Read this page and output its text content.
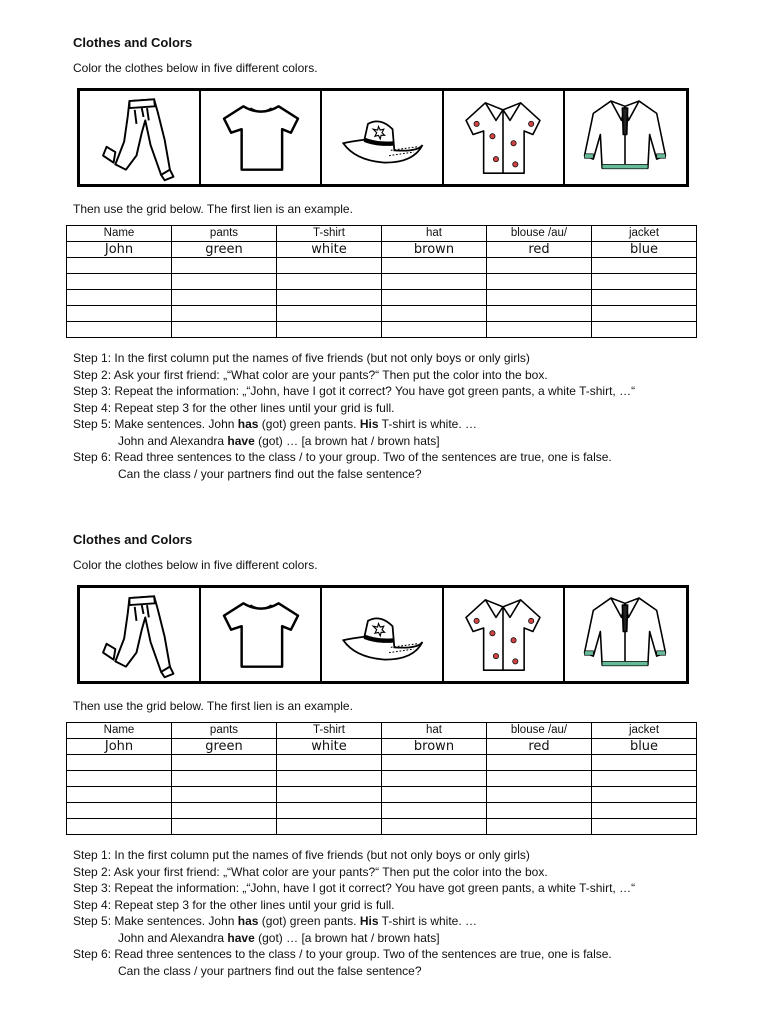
Clothes and Colors
Color the clothes below in five different colors.
Then use the grid below. The first lien is an example.
Name	pants	T-shirt	hat	blouse /au/	jacket
John	green	white	brown	red	blue

Step 1: In the first column put the names of five friends (but not only boys or only girls)
Step 2: Ask your first friend: „“What color are your pants?“ Then put the color into the box.
Step 3: Repeat the information: „“John, have I got it correct? You have got green pants, a white T-shirt, …“
Step 4: Repeat step 3 for the other lines until your grid is full.
Step 5: Make sentences. John has (got) green pants. His T-shirt is white. …
John and Alexandra have (got) … [a brown hat / brown hats]
Step 6: Read three sentences to the class / to your group. Two of the sentences are true, one is false.
Can the class / your partners find out the false sentence?
Clothes and Colors
Color the clothes below in five different colors.
Then use the grid below. The first lien is an example.
Name	pants	T-shirt	hat	blouse /au/	jacket
John	green	white	brown	red	blue

Step 1: In the first column put the names of five friends (but not only boys or only girls)
Step 2: Ask your first friend: „“What color are your pants?“ Then put the color into the box.
Step 3: Repeat the information: „“John, have I got it correct? You have got green pants, a white T-shirt, …“
Step 4: Repeat step 3 for the other lines until your grid is full.
Step 5: Make sentences. John has (got) green pants. His T-shirt is white. …
John and Alexandra have (got) … [a brown hat / brown hats]
Step 6: Read three sentences to the class / to your group. Two of the sentences are true, one is false.
Can the class / your partners find out the false sentence?
